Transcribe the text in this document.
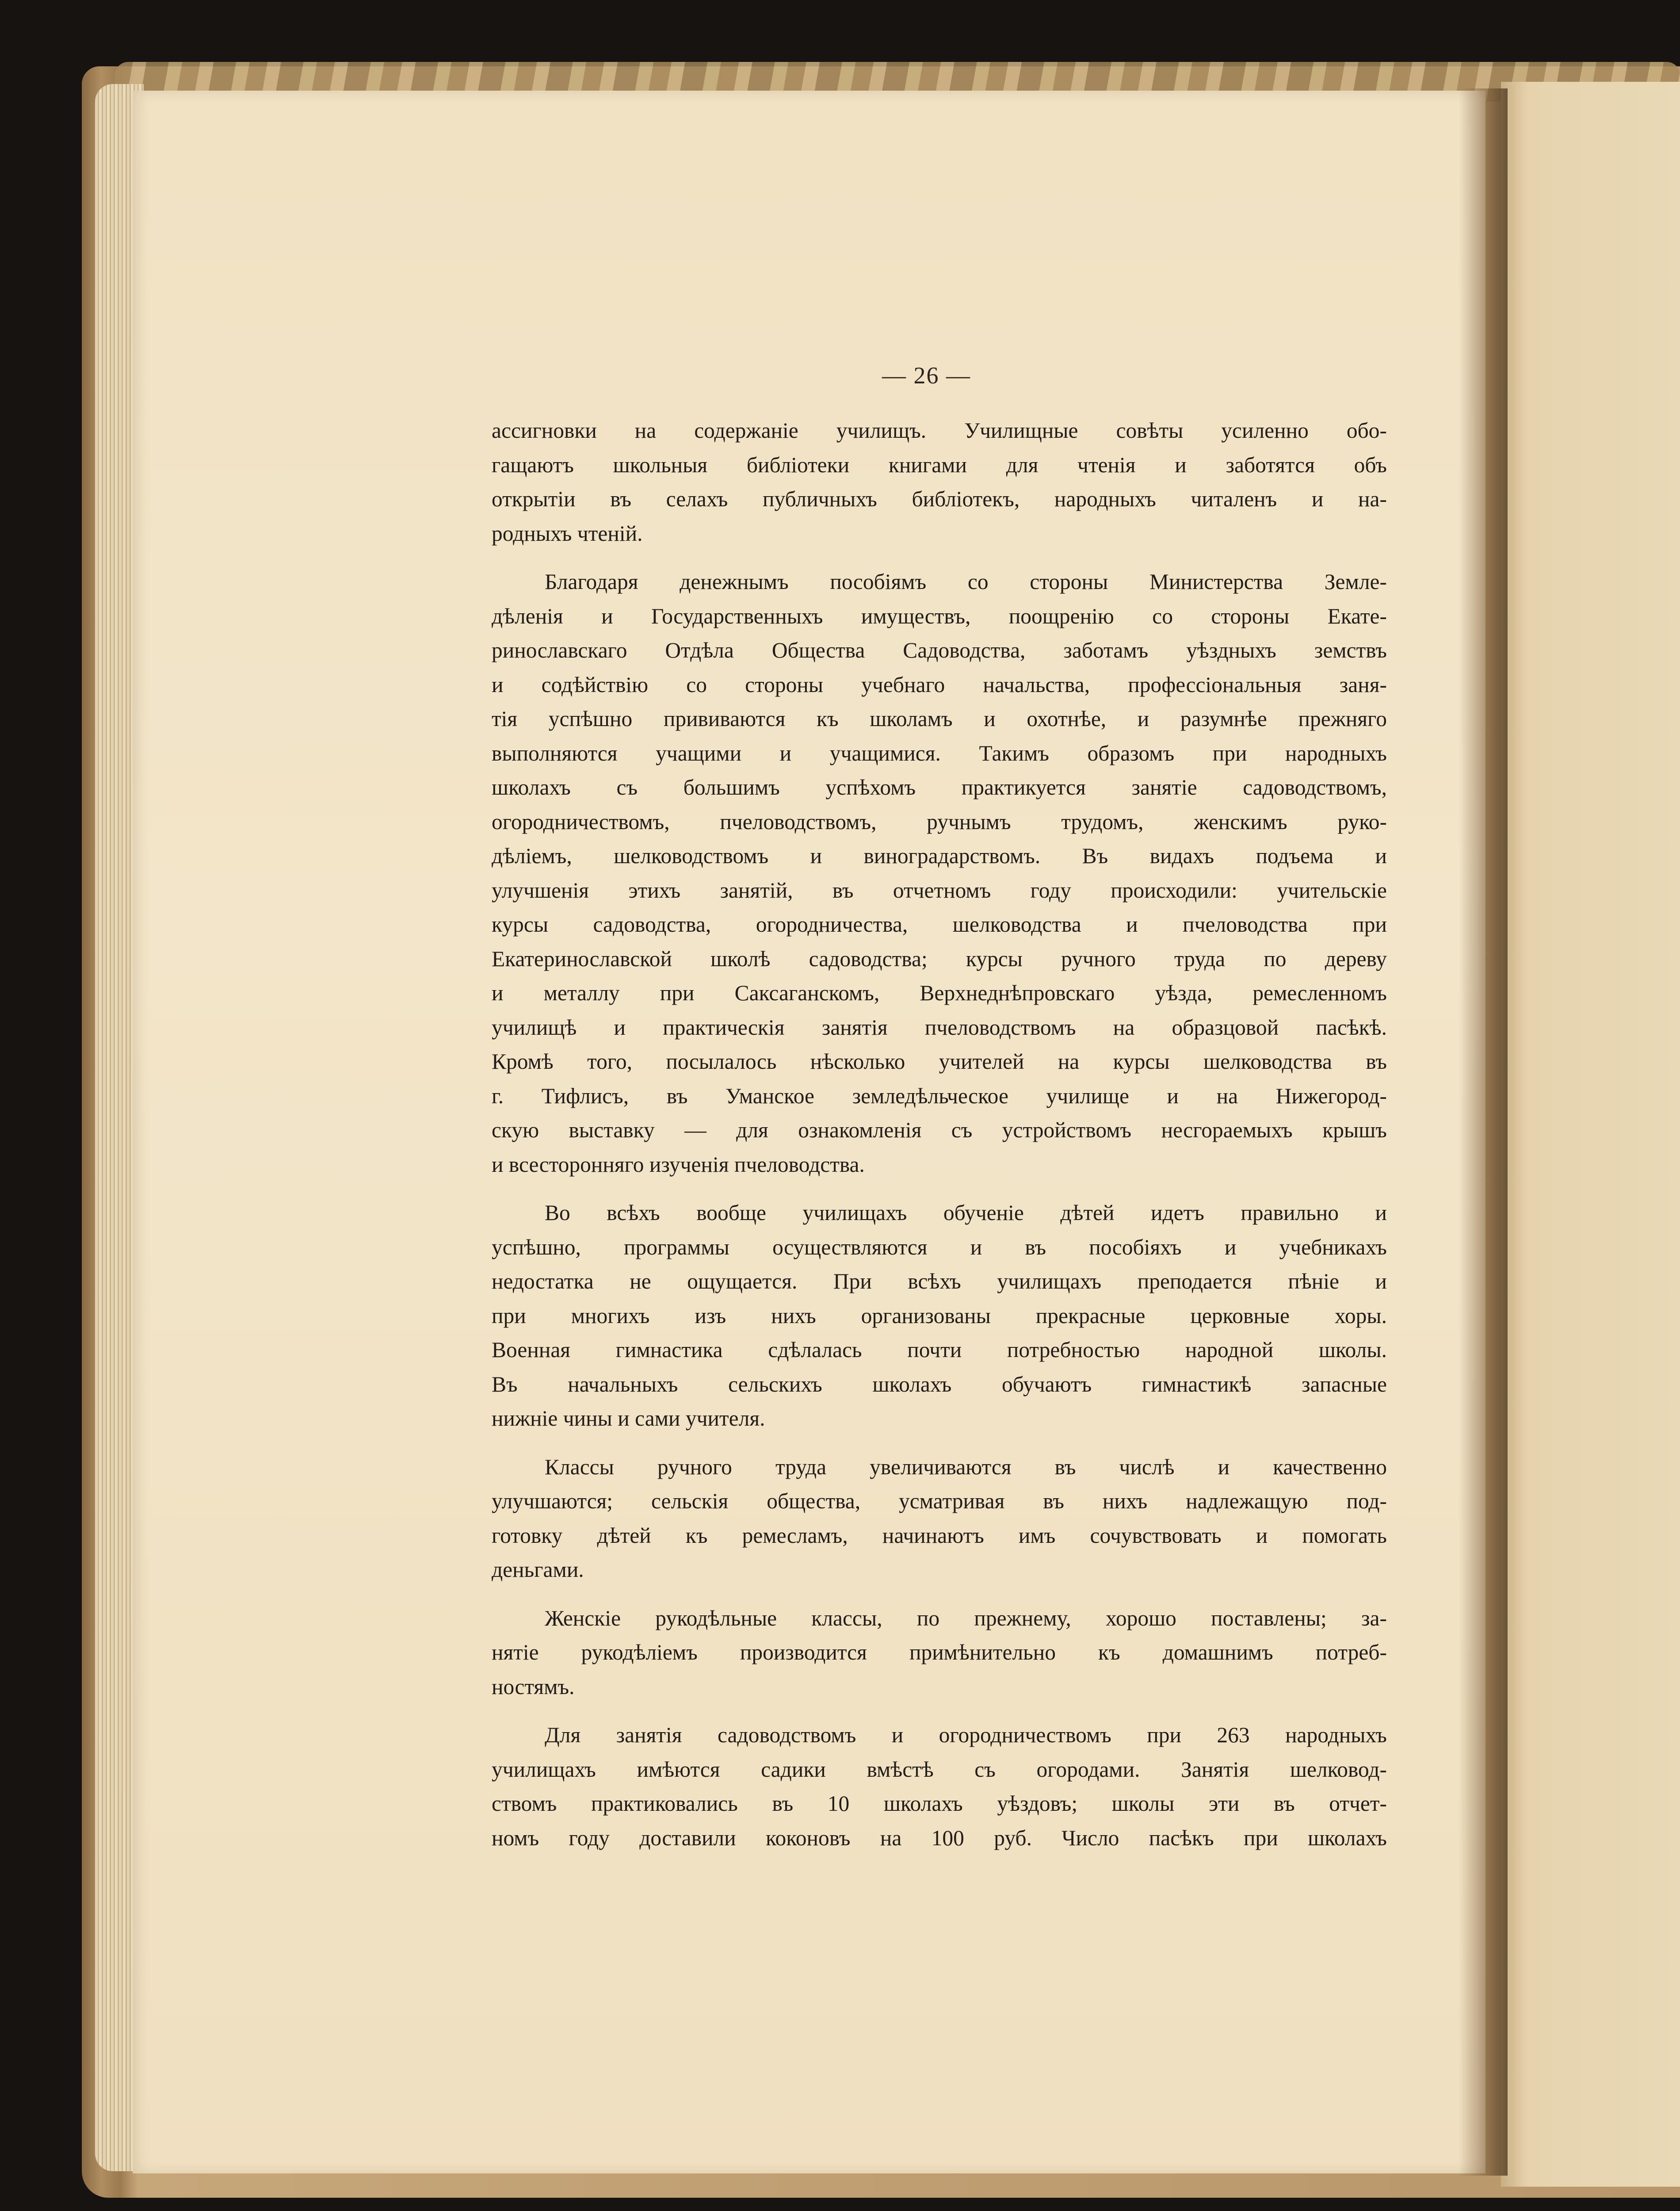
— 26 —
ассигновки на содержаніе училищъ. Училищные совѣты усиленно обо-
гащаютъ школьныя библіотеки книгами для чтенія и заботятся объ
открытіи въ селахъ публичныхъ библіотекъ, народныхъ читаленъ и на-
родныхъ чтеній.
Благодаря денежнымъ пособіямъ со стороны Министерства Земле-
дѣленія и Государственныхъ имуществъ, поощренію со стороны Екате-
ринославскаго Отдѣла Общества Садоводства, заботамъ уѣздныхъ земствъ
и содѣйствію со стороны учебнаго начальства, профессіональныя заня-
тія успѣшно прививаются къ школамъ и охотнѣе, и разумнѣе прежняго
выполняются учащими и учащимися. Такимъ образомъ при народныхъ
школахъ съ большимъ успѣхомъ практикуется занятіе садоводствомъ,
огородничествомъ, пчеловодствомъ, ручнымъ трудомъ, женскимъ руко-
дѣліемъ, шелководствомъ и виноградарствомъ. Въ видахъ подъема и
улучшенія этихъ занятій, въ отчетномъ году происходили: учительскіе
курсы садоводства, огородничества, шелководства и пчеловодства при
Екатеринославской школѣ садоводства; курсы ручного труда по дереву
и металлу при Саксаганскомъ, Верхнеднѣпровскаго уѣзда, ремесленномъ
училищѣ и практическія занятія пчеловодствомъ на образцовой пасѣкѣ.
Кромѣ того, посылалось нѣсколько учителей на курсы шелководства въ
г. Тифлисъ, въ Уманское земледѣльческое училище и на Нижегород-
скую выставку — для ознакомленія съ устройствомъ несгораемыхъ крышъ
и всесторонняго изученія пчеловодства.
Во всѣхъ вообще училищахъ обученіе дѣтей идетъ правильно и
успѣшно, программы осуществляются и въ пособіяхъ и учебникахъ
недостатка не ощущается. При всѣхъ училищахъ преподается пѣніе и
при многихъ изъ нихъ организованы прекрасные церковные хоры.
Военная гимнастика сдѣлалась почти потребностью народной школы.
Въ начальныхъ сельскихъ школахъ обучаютъ гимнастикѣ запасные
нижніе чины и сами учителя.
Классы ручного труда увеличиваются въ числѣ и качественно
улучшаются; сельскія общества, усматривая въ нихъ надлежащую под-
готовку дѣтей къ ремесламъ, начинаютъ имъ сочувствовать и помогать
деньгами.
Женскіе рукодѣльные классы, по прежнему, хорошо поставлены; за-
нятіе рукодѣліемъ производится примѣнительно къ домашнимъ потреб-
ностямъ.
Для занятія садоводствомъ и огородничествомъ при 263 народныхъ
училищахъ имѣются садики вмѣстѣ съ огородами. Занятія шелковод-
ствомъ практиковались въ 10 школахъ уѣздовъ; школы эти въ отчет-
номъ году доставили коконовъ на 100 руб. Число пасѣкъ при школахъ
